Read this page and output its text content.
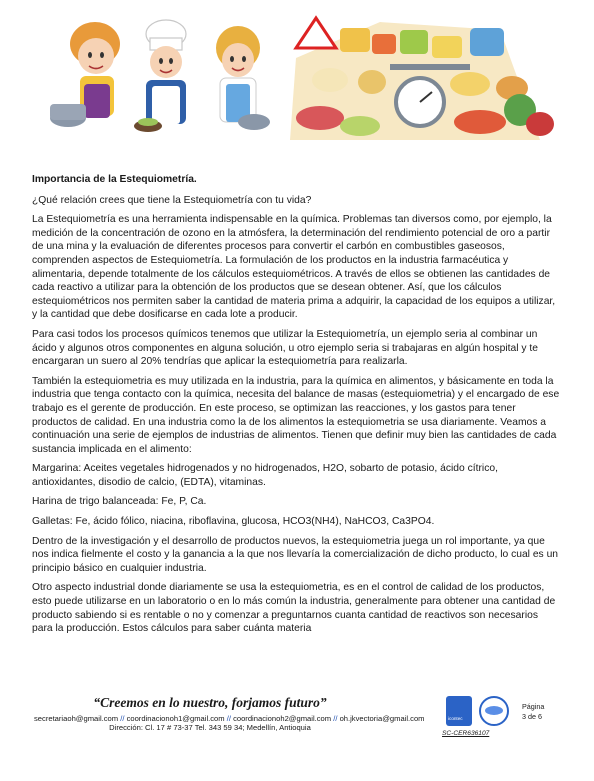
Importancia de la Estequiometría.

¿Qué relación crees que tiene la Estequiometría con tu vida?

La Estequiometría es una herramienta indispensable en la química. Problemas tan diversos como, por ejemplo, la medición de la concentración de ozono en la atmósfera, la determinación del rendimiento potencial de oro a partir de una mina y la evaluación de diferentes procesos para convertir el carbón en combustibles gaseosos, comprenden aspectos de Estequiometría. La formulación de los productos en la industria farmacéutica y alimentaria, depende totalmente de los cálculos estequiométricos. A través de ellos se obtienen las cantidades de cada reactivo a utilizar para la obtención de los productos que se desean obtener. Así, que los cálculos estequiométricos nos permiten saber la cantidad de materia prima a adquirir, la capacidad de los equipos a utilizar, y la cantidad que debe dosificarse en cada lote a producir.

Para casi todos los procesos químicos tenemos que utilizar la Estequiometría, un ejemplo seria al combinar un ácido y algunos otros componentes en alguna solución, u otro ejemplo seria si trabajaras en algún hospital y te encargaran un suero al 20% tendrías que aplicar la estequiometría para realizarla.

También la estequiometria es muy utilizada en la industria, para la química en alimentos, y básicamente en toda la industria que tenga contacto con la química, necesita del balance de masas (estequiometria) y el encargado de ese trabajo es el gerente de producción. En este proceso, se optimizan las reacciones, y los gastos para tener productos de calidad. En una industria como la de los alimentos la estequiometria se usa diariamente. Veamos a continuación una serie de ejemplos de industrias de alimentos. Tienen que definir muy bien las cantidades de cada sustancia implicada en el alimento:

Margarina: Aceites vegetales hidrogenados y no hidrogenados, H2O, sobarto de potasio, ácido cítrico, antioxidantes, disodio de calcio, (EDTA), vitaminas.

Harina de trigo balanceada: Fe, P, Ca.

Galletas: Fe, ácido fólico, niacina, riboflavina, glucosa, HCO3(NH4), NaHCO3, Ca3PO4.

Dentro de la investigación y el desarrollo de productos nuevos, la estequiometria juega un rol importante, ya que nos indica fielmente el costo y la ganancia a la que nos llevaría la comercialización de dicho producto, lo cual es un principio básico en cualquier industria.

Otro aspecto industrial donde diariamente se usa la estequiometria, es en el control de calidad de los productos, esto puede utilizarse en un laboratorio o en lo más común la industria, generalmente para obtener una cantidad de producto sabiendo si es rentable o no y comenzar a preguntarnos cuanta cantidad de reactivos son necesarios para la producción. Estos cálculos para saber cuánta materia

“Creemos en lo nuestro, forjamos futuro”
secretariaoh@gmail.com // coordinacionoh1@gmail.com // coordinacionoh2@gmail.com // oh.jkvectoria@gmail.com
Dirección: Cl. 17 # 73-37 Tel. 343 59 34; Medellín, Antioquia
icontec
SC-CER636107
Página
3 de 6
